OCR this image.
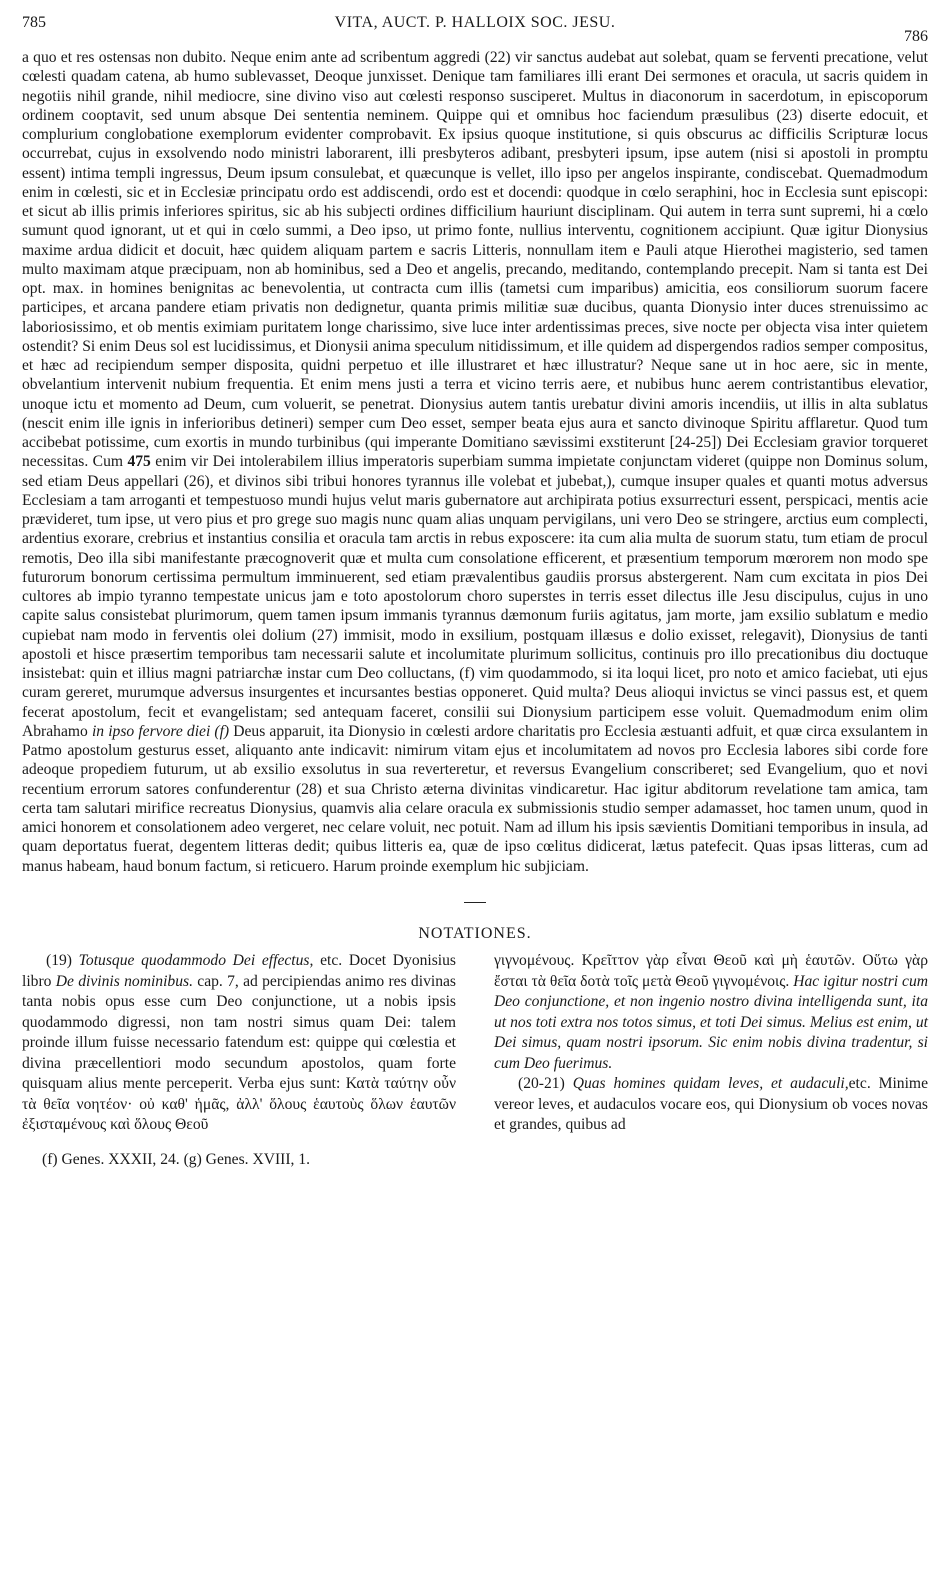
785	VITA, AUCT. P. HALLOIX SOC. JESU.
786

a quo et res ostensas non dubito. Neque enim ante ad scribentum aggredi (22) vir sanctus audebat aut solebat, quam se ferventi precatione, velut cœlesti quadam catena, ab humo sublevasset, Deoque junxisset. Denique tam familiares illi erant Dei sermones et oracula, ut sacris quidem in negotiis nihil grande, nihil mediocre, sine divino viso aut cœlesti responso susciperet. Multus in diaconorum in sacerdotum, in episcoporum ordinem cooptavit, sed unum absque Dei sententia neminem. Quippe qui et omnibus hoc faciendum præsulibus (23) diserte edocuit, et complurium conglobatione exemplorum evidenter comprobavit. Ex ipsius quoque institutione, si quis obscurus ac difficilis Scripturæ locus occurrebat, cujus in exsolvendo nodo ministri laborarent, illi presbyteros adibant, presbyteri ipsum, ipse autem (nisi si apostoli in promptu essent) intima templi ingressus, Deum ipsum consulebat, et quæcunque is vellet, illo ipso per angelos inspirante, condiscebat. Quemadmodum enim in cœlesti, sic et in Ecclesiæ principatu ordo est addiscendi, ordo est et docendi: quodque in cœlo seraphini, hoc in Ecclesia sunt episcopi: et sicut ab illis primis inferiores spiritus, sic ab his subjecti ordines difficilium hauriunt disciplinam. Qui autem in terra sunt supremi, hi a cœlo sumunt quod ignorant, ut et qui in cœlo summi, a Deo ipso, ut primo fonte, nullius interventu, cognitionem accipiunt. Quæ igitur Dionysius maxime ardua didicit et docuit, hæc quidem aliquam partem e sacris Litteris, nonnullam item e Pauli atque Hierothei magisterio, sed tamen multo maximam atque præcipuam, non ab hominibus, sed a Deo et angelis, precando, meditando, contemplando precepit. Nam si tanta est Dei opt. max. in homines benignitas ac benevolentia, ut contracta cum illis (tametsi cum imparibus) amicitia, eos consiliorum suorum facere participes, et arcana pandere etiam privatis non dedignetur, quanta primis militiæ suæ ducibus, quanta Dionysio inter duces strenuissimo ac laboriosissimo, et ob mentis eximiam puritatem longe charissimo, sive luce inter ardentissimas preces, sive nocte per objecta visa inter quietem ostendit? Si enim Deus sol est lucidissimus, et Dionysii anima speculum nitidissimum, et ille quidem ad dispergendos radios semper compositus, et hæc ad recipiendum semper disposita, quidni perpetuo et ille illustraret et hæc illustratur? Neque sane ut in hoc aere, sic in mente, obvelantium intervenit nubium frequentia. Et enim mens justi a terra et vicino terris aere, et nubibus hunc aerem contristantibus elevatior, unoque ictu et momento ad Deum, cum voluerit, se penetrat. Dionysius autem tantis urebatur divini amoris incendiis, ut illis in alta sublatus (nescit enim ille ignis in inferioribus detineri) semper cum Deo esset, semper beata ejus aura et sancto divinoque Spiritu afflaretur. Quod tum accibebat potissime, cum exortis in mundo turbinibus (qui imperante Domitiano sævissimi exstiterunt [24-25]) Dei Ecclesiam gravior torqueret necessitas. Cum 475 enim vir Dei intolerabilem illius imperatoris superbiam summa impietate conjunctam videret (quippe non Dominus solum, sed etiam Deus appellari (26), et divinos sibi tribui honores tyrannus ille volebat et jubebat,), cumque insuper quales et quanti motus adversus Ecclesiam a tam arroganti et tempestuoso mundi hujus velut maris gubernatore aut archipirata potius exsurrecturi essent, perspicaci, mentis acie prævideret, tum ipse, ut vero pius et pro grege suo magis nunc quam alias unquam pervigilans, uni vero Deo se stringere, arctius eum complecti, ardentius exorare, crebrius et instantius consilia et oracula tam arctis in rebus exposcere: ita cum alia multa de suorum statu, tum etiam de procul remotis, Deo illa sibi manifestante præcognoverit quæ et multa cum consolatione efficerent, et præsentium temporum mœrorem non modo spe futurorum bonorum certissima permultum imminuerent, sed etiam prævalentibus gaudiis prorsus abstergerent. Nam cum excitata in pios Dei cultores ab impio tyranno tempestate unicus jam e toto apostolorum choro superstes in terris esset dilectus ille Jesu discipulus, cujus in uno capite salus consistebat plurimorum, quem tamen ipsum immanis tyrannus dæmonum furiis agitatus, jam morte, jam exsilio sublatum e medio cupiebat nam modo in ferventis olei dolium (27) immisit, modo in exsilium, postquam illæsus e dolio exisset, relegavit), Dionysius de tanti apostoli et hisce præsertim temporibus tam necessarii salute et incolumitate plurimum sollicitus, continuis pro illo precationibus diu doctuque insistebat: quin et illius magni patriarchæ instar cum Deo colluctans, (f) vim quodammodo, si ita loqui licet, pro noto et amico faciebat, uti ejus curam gereret, murumque adversus insurgentes et incursantes bestias opponeret. Quid multa? Deus alioqui invictus se vinci passus est, et quem fecerat apostolum, fecit et evangelistam; sed antequam faceret, consilii sui Dionysium participem esse voluit. Quemadmodum enim olim Abrahamo in ipso fervore diei (f) Deus apparuit, ita Dionysio in cœlesti ardore charitatis pro Ecclesia æstuanti adfuit, et quæ circa exsulantem in Patmo apostolum gesturus esset, aliquanto ante indicavit: nimirum vitam ejus et incolumitatem ad novos pro Ecclesia labores sibi corde fore adeoque propediem futurum, ut ab exsilio exsolutus in sua reverteretur, et reversus Evangelium conscriberet; sed Evangelium, quo et novi recentium errorum satores confunderentur (28) et sua Christo æterna divinitas vindicaretur. Hac igitur abditorum revelatione tam amica, tam certa tam salutari mirifice recreatus Dionysius, quamvis alia celare oracula ex submissionis studio semper adamasset, hoc tamen unum, quod in amici honorem et consolationem adeo vergeret, nec celare voluit, nec potuit. Nam ad illum his ipsis sævientis Domitiani temporibus in insula, ad quam deportatus fuerat, degentem litteras dedit; quibus litteris ea, quæ de ipso cœlitus didicerat, lætus patefecit. Quas ipsas litteras, cum ad manus habeam, haud bonum factum, si reticuero. Harum proinde exemplum hic subjiciam.

NOTATIONES.

(19) Totusque quodammodo Dei effectus, etc. Docet Dyonisius libro De divinis nominibus. cap. 7, ad percipiendas animo res divinas tanta nobis opus esse cum Deo conjunctione, ut a nobis ipsis quodammodo digressi, non tam nostri simus quam Dei: talem proinde illum fuisse necessario fatendum est: quippe qui cœlestia et divina præcellentiori modo secundum apostolos, quam forte quisquam alius mente perceperit. Verba ejus sunt: Κατὰ ταύτην οὖν τὰ θεῖα νοητέον· οὐ καθ' ἡμᾶς, ἀλλ' ὅλους ἑαυτοὺς ὅλων ἑαυτῶν ἐξισταμένους καὶ ὅλους Θεοῦ

(f) Genes. XXXII, 24. (g) Genes. XVIII, 1.

γιγνομένους. Κρεῖττον γὰρ εἶναι Θεοῦ καὶ μὴ ἑαυτῶν. Οὕτω γὰρ ἔσται τὰ θεῖα δοτὰ τοῖς μετὰ Θεοῦ γιγνομένοις. Hac igitur nostri cum Deo conjunctione, et non ingenio nostro divina intelligenda sunt, ita ut nos toti extra nos totos simus, et toti Dei simus. Melius est enim, ut Dei simus, quam nostri ipsorum. Sic enim nobis divina tradentur, si cum Deo fuerimus.

(20-21) Quas homines quidam leves, et audaculi,etc. Minime vereor leves, et audaculos vocare eos, qui Dionysium ob voces novas et grandes, quibus ad
